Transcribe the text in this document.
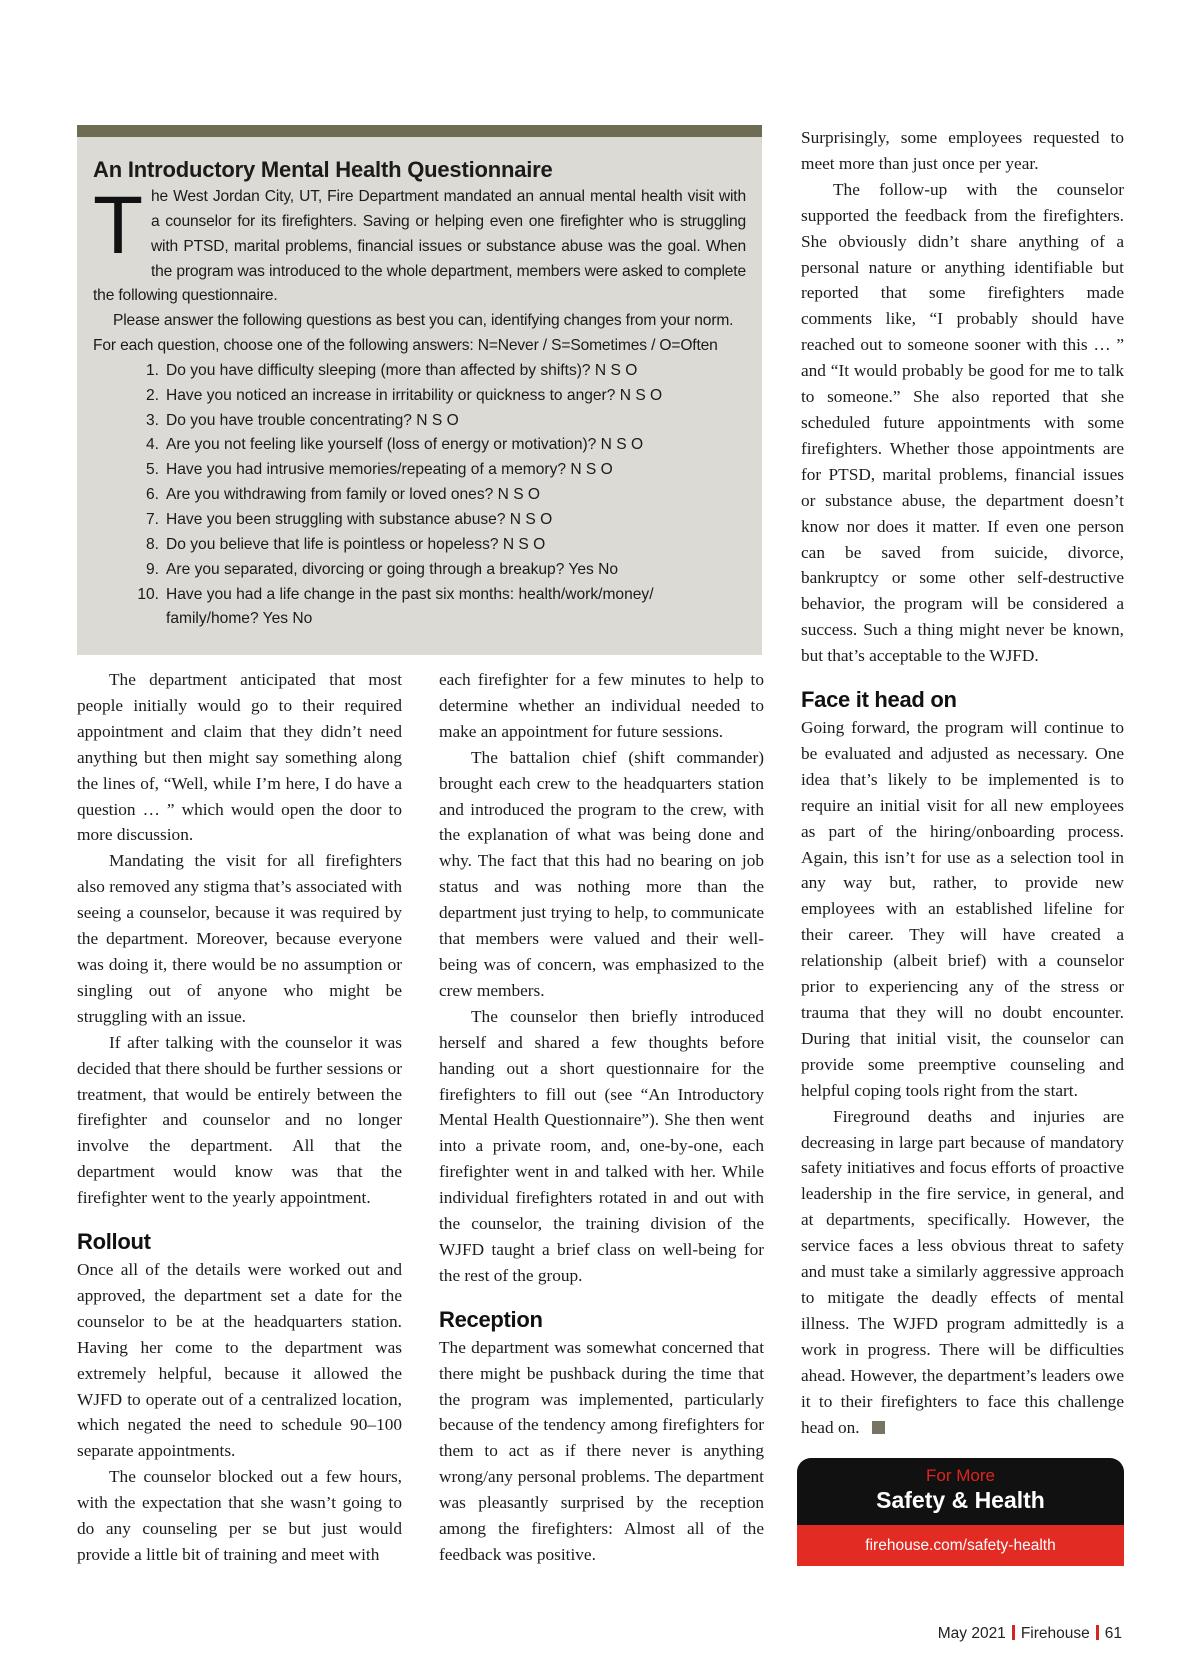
An Introductory Mental Health Questionnaire

The West Jordan City, UT, Fire Department mandated an annual mental health visit with a counselor for its firefighters. Saving or helping even one firefighter who is struggling with PTSD, marital problems, financial issues or substance abuse was the goal. When the program was introduced to the whole department, members were asked to complete the following questionnaire.

Please answer the following questions as best you can, identifying changes from your norm. For each question, choose one of the following answers: N=Never / S=Sometimes / O=Often

1. Do you have difficulty sleeping (more than affected by shifts)? N S O
2. Have you noticed an increase in irritability or quickness to anger? N S O
3. Do you have trouble concentrating? N S O
4. Are you not feeling like yourself (loss of energy or motivation)? N S O
5. Have you had intrusive memories/repeating of a memory? N S O
6. Are you withdrawing from family or loved ones? N S O
7. Have you been struggling with substance abuse? N S O
8. Do you believe that life is pointless or hopeless? N S O
9. Are you separated, divorcing or going through a breakup? Yes No
10. Have you had a life change in the past six months: health/work/money/ family/home? Yes No

The department anticipated that most people initially would go to their required appointment and claim that they didn’t need anything but then might say something along the lines of, “Well, while I’m here, I do have a question … ” which would open the door to more discussion.

Mandating the visit for all firefighters also removed any stigma that’s associated with seeing a counselor, because it was required by the department. Moreover, because everyone was doing it, there would be no assumption or singling out of anyone who might be struggling with an issue.

If after talking with the counselor it was decided that there should be further sessions or treatment, that would be entirely between the firefighter and counselor and no longer involve the department. All that the department would know was that the firefighter went to the yearly appointment.

Rollout

Once all of the details were worked out and approved, the department set a date for the counselor to be at the headquarters station. Having her come to the department was extremely helpful, because it allowed the WJFD to operate out of a centralized location, which negated the need to schedule 90–100 separate appointments.

The counselor blocked out a few hours, with the expectation that she wasn’t going to do any counseling per se but just would provide a little bit of training and meet with

each firefighter for a few minutes to help to determine whether an individual needed to make an appointment for future sessions.

The battalion chief (shift commander) brought each crew to the headquarters station and introduced the program to the crew, with the explanation of what was being done and why. The fact that this had no bearing on job status and was nothing more than the department just trying to help, to communicate that members were valued and their well-being was of concern, was emphasized to the crew members.

The counselor then briefly introduced herself and shared a few thoughts before handing out a short questionnaire for the firefighters to fill out (see “An Introductory Mental Health Questionnaire”). She then went into a private room, and, one-by-one, each firefighter went in and talked with her. While individual firefighters rotated in and out with the counselor, the training division of the WJFD taught a brief class on well-being for the rest of the group.

Reception

The department was somewhat concerned that there might be pushback during the time that the program was implemented, particularly because of the tendency among firefighters for them to act as if there never is anything wrong/any personal problems. The department was pleasantly surprised by the reception among the firefighters: Almost all of the feedback was positive.

Surprisingly, some employees requested to meet more than just once per year.

The follow-up with the counselor supported the feedback from the firefighters. She obviously didn’t share anything of a personal nature or anything identifiable but reported that some firefighters made comments like, “I probably should have reached out to someone sooner with this … ” and “It would probably be good for me to talk to someone.” She also reported that she scheduled future appointments with some firefighters. Whether those appointments are for PTSD, marital problems, financial issues or substance abuse, the department doesn’t know nor does it matter. If even one person can be saved from suicide, divorce, bankruptcy or some other self-destructive behavior, the program will be considered a success. Such a thing might never be known, but that’s acceptable to the WJFD.

Face it head on

Going forward, the program will continue to be evaluated and adjusted as necessary. One idea that’s likely to be implemented is to require an initial visit for all new employees as part of the hiring/onboarding process. Again, this isn’t for use as a selection tool in any way but, rather, to provide new employees with an established lifeline for their career. They will have created a relationship (albeit brief) with a counselor prior to experiencing any of the stress or trauma that they will no doubt encounter. During that initial visit, the counselor can provide some preemptive counseling and helpful coping tools right from the start.

Fireground deaths and injuries are decreasing in large part because of mandatory safety initiatives and focus efforts of proactive leadership in the fire service, in general, and at departments, specifically. However, the service faces a less obvious threat to safety and must take a similarly aggressive approach to mitigate the deadly effects of mental illness. The WJFD program admittedly is a work in progress. There will be difficulties ahead. However, the department’s leaders owe it to their firefighters to face this challenge head on.

For More
Safety & Health
firehouse.com/safety-health
May 2021 Firehouse 61
